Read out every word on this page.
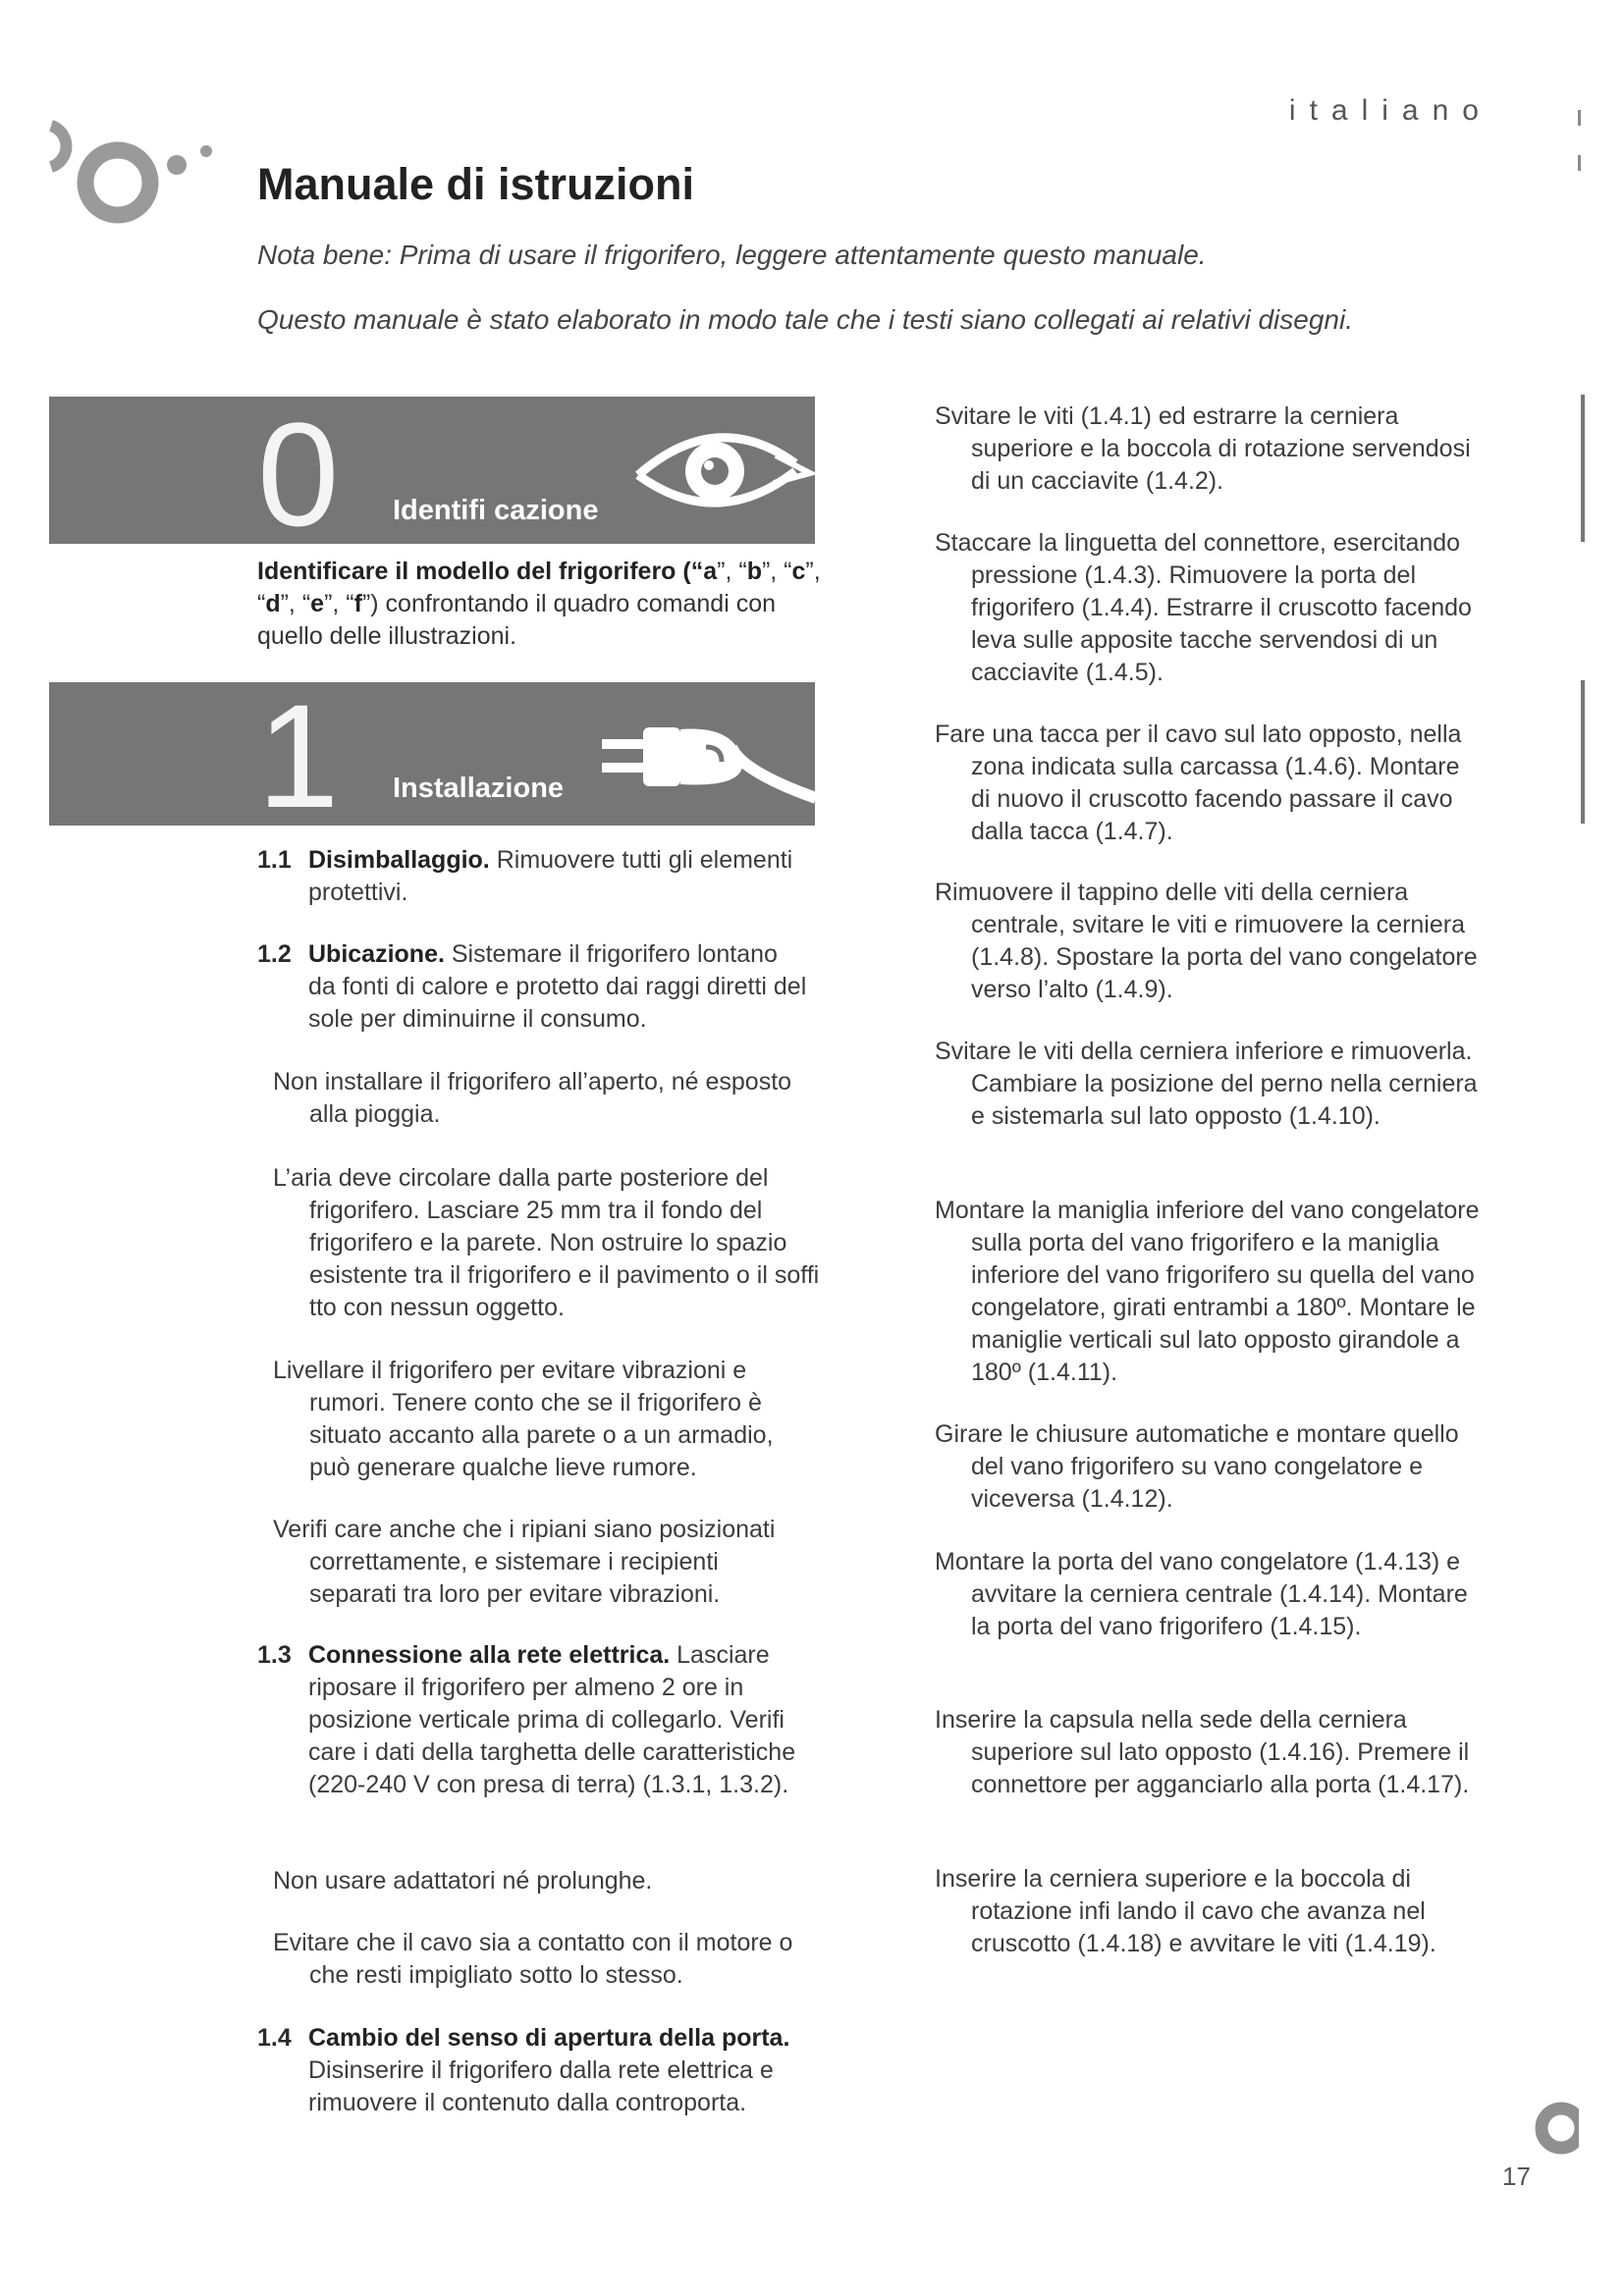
italiano
Manuale di istruzioni
Nota bene: Prima di usare il frigorifero, leggere attentamente questo manuale.
Questo manuale è stato elaborato in modo tale che i testi siano collegati ai relativi disegni.
0 Identifi cazione

Identificare il modello del frigorifero (“a”, “b”, “c”, “d”, “e”, “f”) confrontando il quadro comandi con quello delle illustrazioni.

1 Installazione
1.1 Disimballaggio. Rimuovere tutti gli elementi protettivi.
1.2 Ubicazione. Sistemare il frigorifero lontano da fonti di calore e protetto dai raggi diretti del sole per diminuirne il consumo.

Non installare il frigorifero all’aperto, né esposto alla pioggia.

L’aria deve circolare dalla parte posteriore del frigorifero. Lasciare 25 mm tra il fondo del frigorifero e la parete. Non ostruire lo spazio esistente tra il frigorifero e il pavimento o il soffi tto con nessun oggetto.

Livellare il frigorifero per evitare vibrazioni e rumori. Tenere conto che se il frigorifero è situato accanto alla parete o a un armadio, può generare qualche lieve rumore.

Verifi care anche che i ripiani siano posizionati correttamente, e sistemare i recipienti separati tra loro per evitare vibrazioni.

1.3 Connessione alla rete elettrica. Lasciare riposare il frigorifero per almeno 2 ore in posizione verticale prima di collegarlo. Verifi care i dati della targhetta delle caratteristiche (220-240 V con presa di terra) (1.3.1, 1.3.2).

Non usare adattatori né prolunghe.

Evitare che il cavo sia a contatto con il motore o che resti impigliato sotto lo stesso.

1.4 Cambio del senso di apertura della porta. Disinserire il frigorifero dalla rete elettrica e rimuovere il contenuto dalla controporta.

Svitare le viti (1.4.1) ed estrarre la cerniera superiore e la boccola di rotazione servendosi di un cacciavite (1.4.2).

Staccare la linguetta del connettore, esercitando pressione (1.4.3). Rimuovere la porta del frigorifero (1.4.4). Estrarre il cruscotto facendo leva sulle apposite tacche servendosi di un cacciavite (1.4.5).

Fare una tacca per il cavo sul lato opposto, nella zona indicata sulla carcassa (1.4.6). Montare di nuovo il cruscotto facendo passare il cavo dalla tacca (1.4.7).

Rimuovere il tappino delle viti della cerniera centrale, svitare le viti e rimuovere la cerniera (1.4.8). Spostare la porta del vano congelatore verso l’alto (1.4.9).

Svitare le viti della cerniera inferiore e rimuoverla. Cambiare la posizione del perno nella cerniera e sistemarla sul lato opposto (1.4.10).

Montare la maniglia inferiore del vano congelatore sulla porta del vano frigorifero e la maniglia inferiore del vano frigorifero su quella del vano congelatore, girati entrambi a 180º. Montare le maniglie verticali sul lato opposto girandole a 180º (1.4.11).

Girare le chiusure automatiche e montare quello del vano frigorifero su vano congelatore e viceversa (1.4.12).

Montare la porta del vano congelatore (1.4.13) e avvitare la cerniera centrale (1.4.14). Montare la porta del vano frigorifero (1.4.15).

Inserire la capsula nella sede della cerniera superiore sul lato opposto (1.4.16). Premere il connettore per agganciarlo alla porta (1.4.17).

Inserire la cerniera superiore e la boccola di rotazione infi lando il cavo che avanza nel cruscotto (1.4.18) e avvitare le viti (1.4.19).

17
